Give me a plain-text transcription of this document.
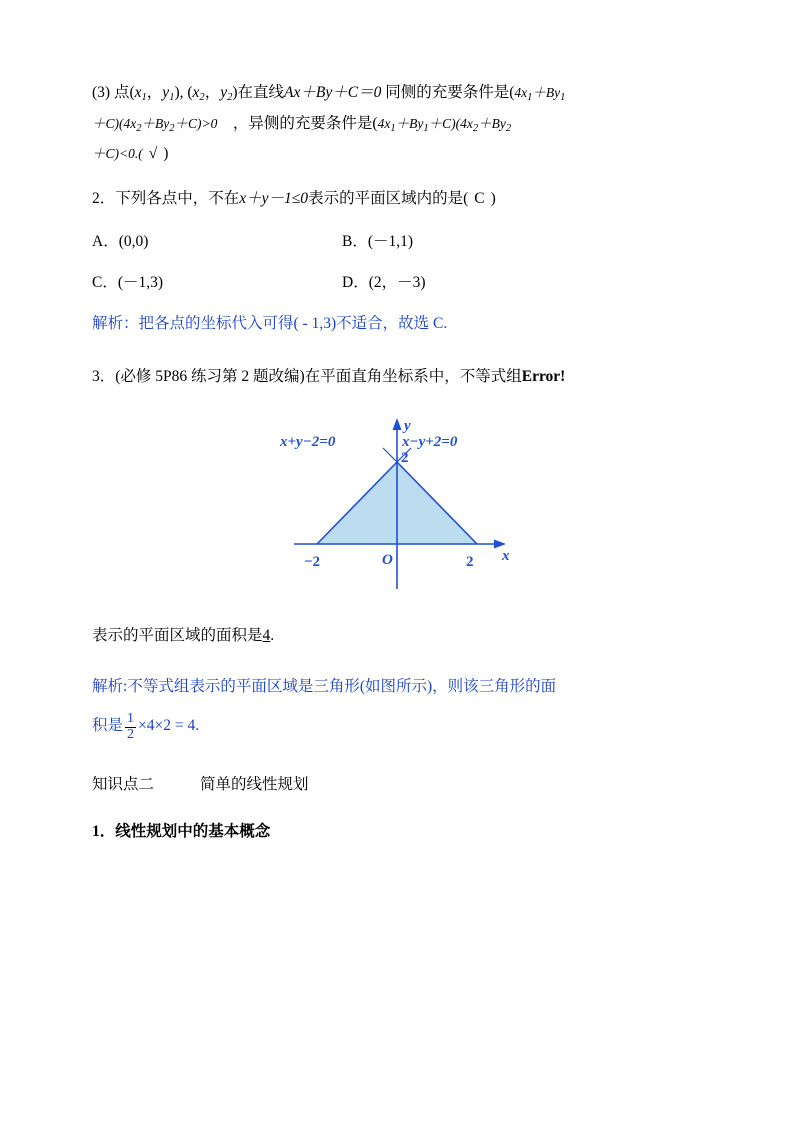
(3) 点($x_1$，$y_1$), ($x_2$，$y_2$)在直线Ax＋By＋C＝0 同侧的充要条件是($4x_1+By_1$
$+C)(4x_2+By_2+C)>0$　 ，异侧的充要条件是$(4x_1+By_1+C)(4x_2+By_2$
＋C)<0.( √ )

2．下列各点中，不在x＋y－1≤0表示的平面区域内的是( C )

A．(0,0)	B．(－1,1)
C．(－1,3)	D．(2，－3)

解析：把各点的坐标代入可得( - 1,3)不适合，故选 C.

3．(必修 5P86 练习第 2 题改编)在平面直角坐标系中，不等式组Error!

y
x
O
−2	2
2
x+y−2=0	x−y+2=0

表示的平面区域的面积是4.

解析:不等式组表示的平面区域是三角形(如图所示)，则该三角形的面

积是 $\frac{1}{2} \times 4\times 2 = 4$.

知识点二	简单的线性规划

1．线性规划中的基本概念
